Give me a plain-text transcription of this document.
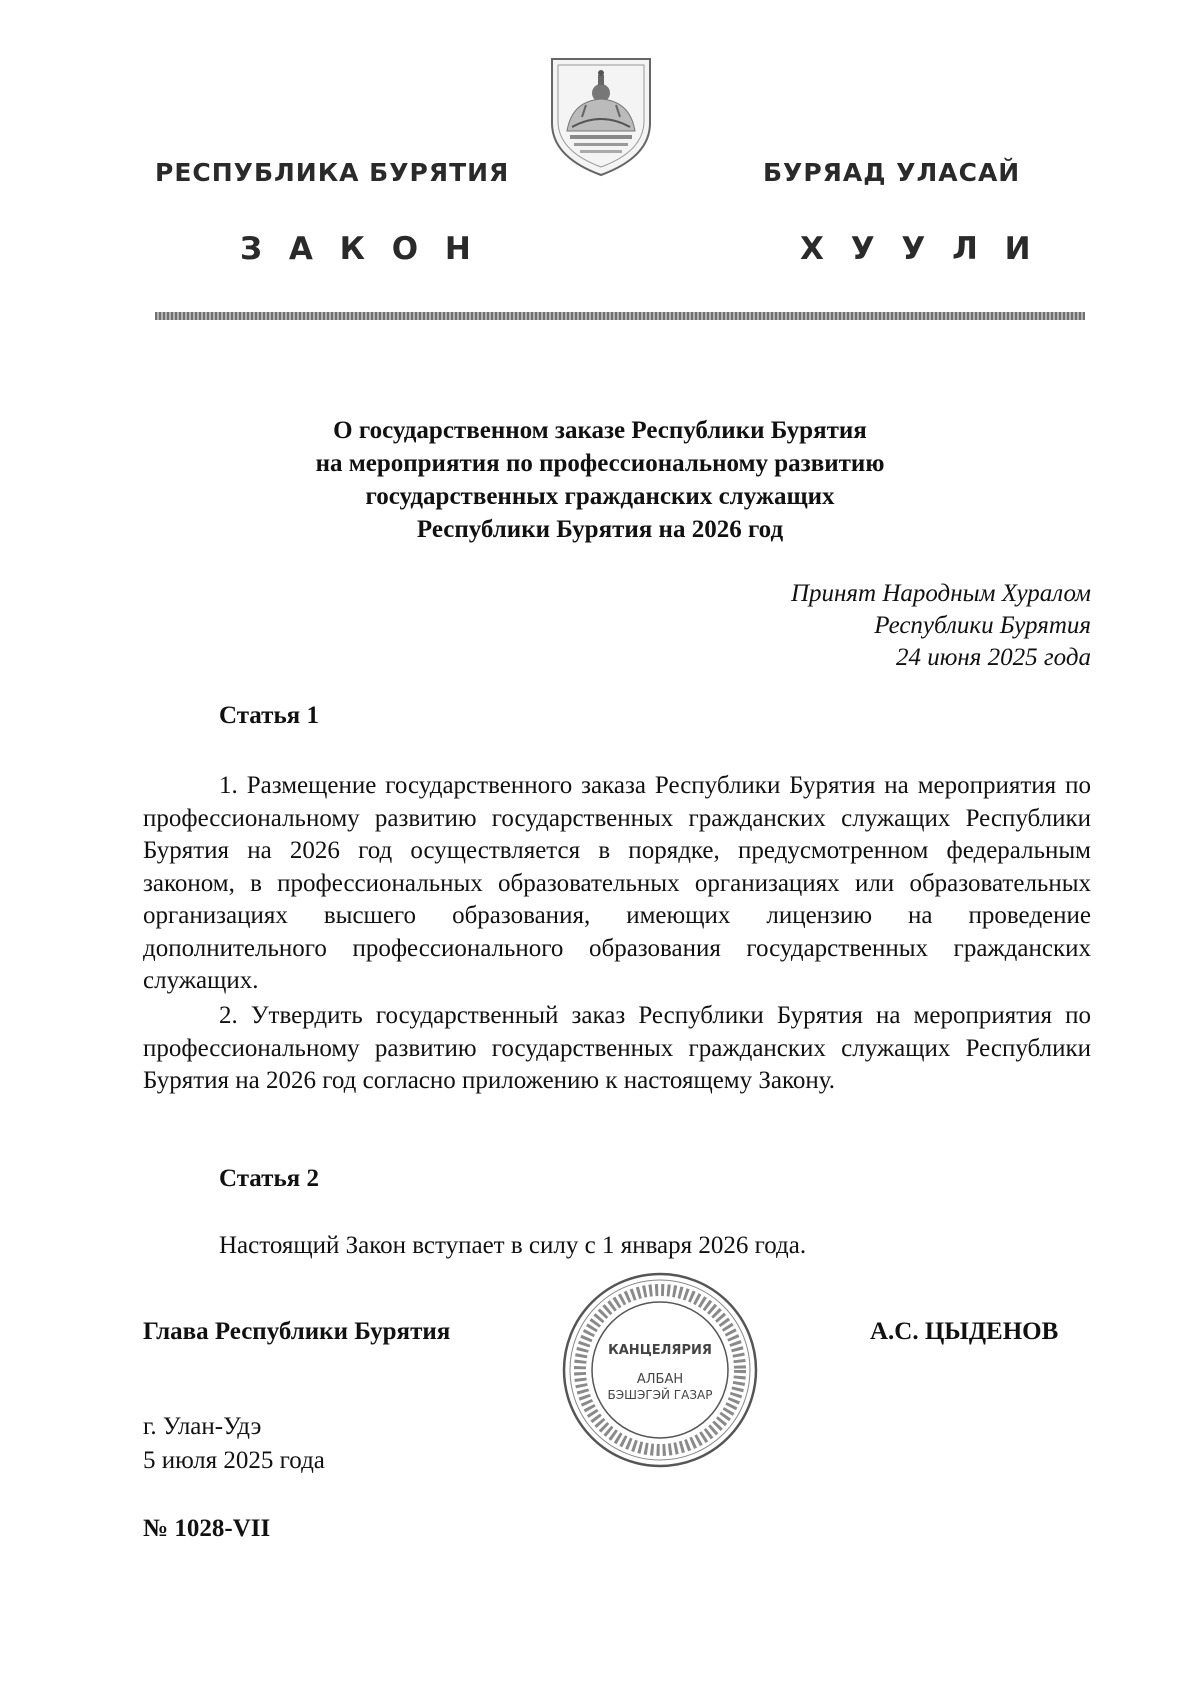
РЕСПУБЛИКА БУРЯТИЯ	БУРЯАД УЛАСАЙ
З А К О Н	Х У У Л И
О государственном заказе Республики Бурятия
на мероприятия по профессиональному развитию
государственных гражданских служащих
Республики Бурятия на 2026 год
Принят Народным Хуралом
Республики Бурятия
24 июня 2025 года
Статья 1

1. Размещение государственного заказа Республики Бурятия на мероприятия по профессиональному развитию государственных гражданских служащих Республики Бурятия на 2026 год осуществляется в порядке, предусмотренном федеральным законом, в профессиональных образовательных организациях или образовательных организациях высшего образования, имеющих лицензию на проведение дополнительного профессионального образования государственных гражданских служащих.

2. Утвердить государственный заказ Республики Бурятия на мероприятия по профессиональному развитию государственных гражданских служащих Республики Бурятия на 2026 год согласно приложению к настоящему Закону.

Статья 2
Настоящий Закон вступает в силу с 1 января 2026 года.
Глава Республики Бурятия	А.С. ЦЫДЕНОВ
КАНЦЕЛЯРИЯ
АЛБАН
БЭШЭГЭЙ ГАЗАР
г. Улан-Удэ
5 июля 2025 года
№ 1028-VII
